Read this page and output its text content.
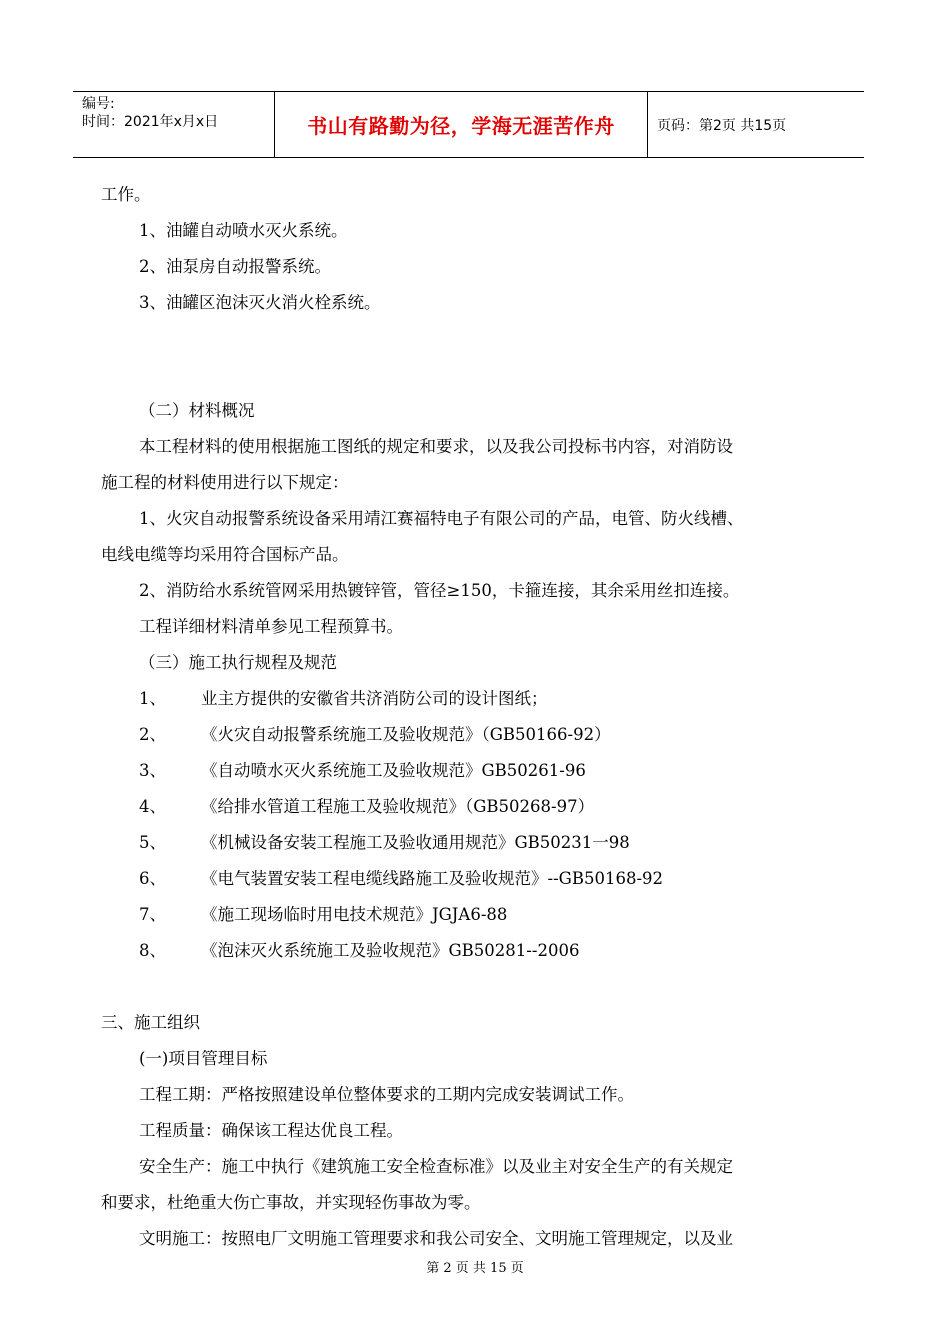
编号:
时间：2021年x月x日	书山有路勤为径，学海无涯苦作舟	页码：第2页 共15页
工作。
1、油罐自动喷水灭火系统。
2、油泵房自动报警系统。
3、油罐区泡沫灭火消火栓系统。
（二）材料概况
本工程材料的使用根据施工图纸的规定和要求，以及我公司投标书内容，对消防设
施工程的材料使用进行以下规定：
1、火灾自动报警系统设备采用靖江赛福特电子有限公司的产品，电管、防火线槽、
电线电缆等均采用符合国标产品。
2、消防给水系统管网采用热镀锌管，管径≥150，卡箍连接，其余采用丝扣连接。
工程详细材料清单参见工程预算书。
（三）施工执行规程及规范
1、 业主方提供的安徽省共济消防公司的设计图纸；
2、 《火灾自动报警系统施工及验收规范》（GB50166-92）
3、 《自动喷水灭火系统施工及验收规范》GB50261-96
4、 《给排水管道工程施工及验收规范》（GB50268-97）
5、 《机械设备安装工程施工及验收通用规范》GB50231一98
6、 《电气装置安装工程电缆线路施工及验收规范》--GB50168-92
7、 《施工现场临时用电技术规范》JGJA6-88
8、 《泡沫灭火系统施工及验收规范》GB50281--2006
三、施工组织
(一)项目管理目标
工程工期：严格按照建设单位整体要求的工期内完成安装调试工作。
工程质量：确保该工程达优良工程。
安全生产：施工中执行《建筑施工安全检查标准》以及业主对安全生产的有关规定
和要求，杜绝重大伤亡事故，并实现轻伤事故为零。
文明施工：按照电厂文明施工管理要求和我公司安全、文明施工管理规定，以及业
第 2 页 共 15 页
